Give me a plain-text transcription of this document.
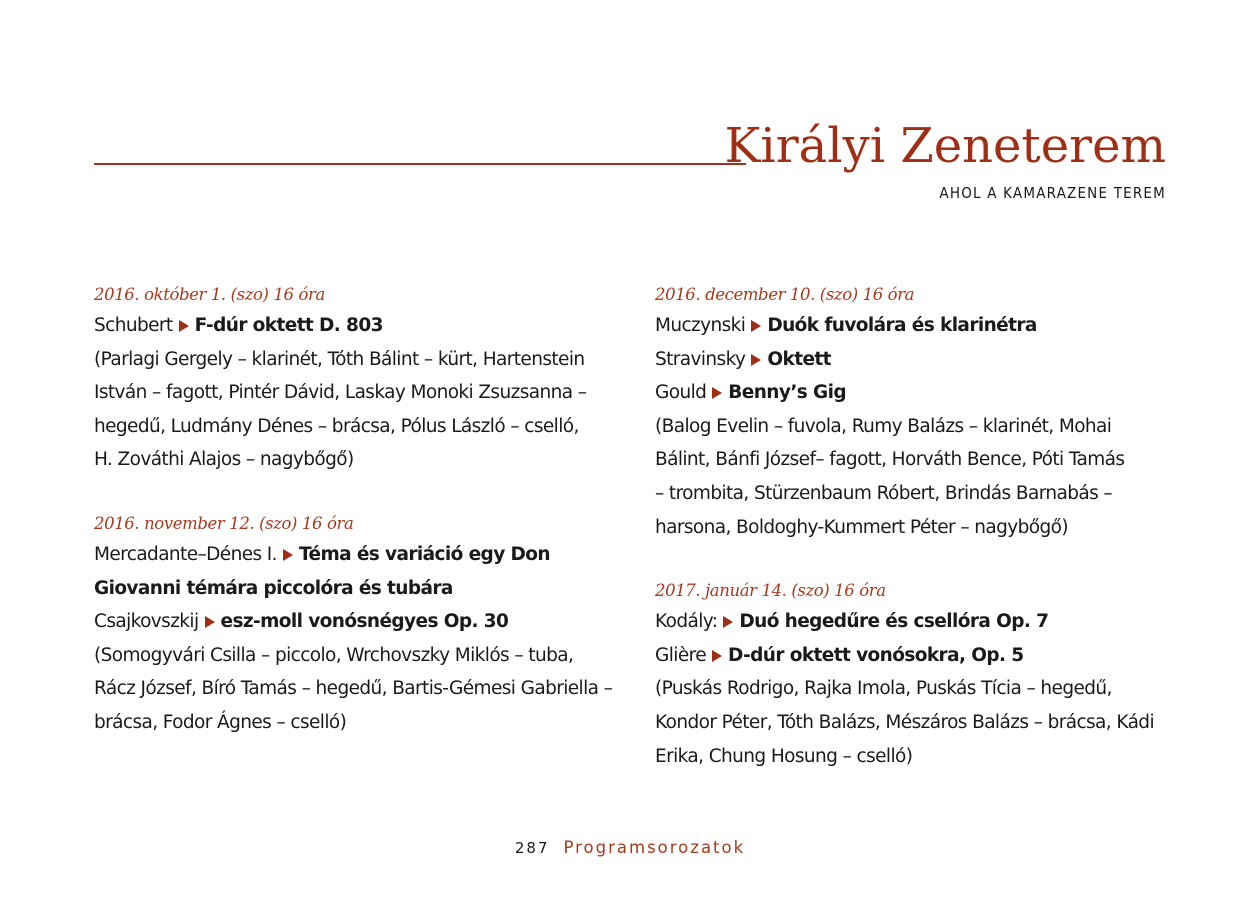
Királyi Zeneterem
AHOL A KAMARAZENE TEREM
2016. október 1. (szo) 16 óra
Schubert F-dúr oktett D. 803
(Parlagi Gergely – klarinét, Tóth Bálint – kürt, Hartenstein
István – fagott, Pintér Dávid, Laskay Monoki Zsuzsanna –
hegedű, Ludmány Dénes – brácsa, Pólus László – cselló,
H. Zováthi Alajos – nagybőgő)
2016. november 12. (szo) 16 óra
Mercadante–Dénes I. Téma és variáció egy Don
Giovanni témára piccolóra és tubára
Csajkovszkij esz-moll vonósnégyes Op. 30
(Somogyvári Csilla – piccolo, Wrchovszky Miklós – tuba,
Rácz József, Bíró Tamás – hegedű, Bartis-Gémesi Gabriella –
brácsa, Fodor Ágnes – cselló)
2016. december 10. (szo) 16 óra
Muczynski Duók fuvolára és klarinétra
Stravinsky Oktett
Gould Benny’s Gig
(Balog Evelin – fuvola, Rumy Balázs – klarinét, Mohai
Bálint, Bánfi József– fagott, Horváth Bence, Póti Tamás
– trombita, Stürzenbaum Róbert, Brindás Barnabás –
harsona, Boldoghy-Kummert Péter – nagybőgő)
2017. január 14. (szo) 16 óra
Kodály: Duó hegedűre és csellóra Op. 7
Glière D-dúr oktett vonósokra, Op. 5
(Puskás Rodrigo, Rajka Imola, Puskás Tícia – hegedű,
Kondor Péter, Tóth Balázs, Mészáros Balázs – brácsa, Kádi
Erika, Chung Hosung – cselló)
287 Programsorozatok
